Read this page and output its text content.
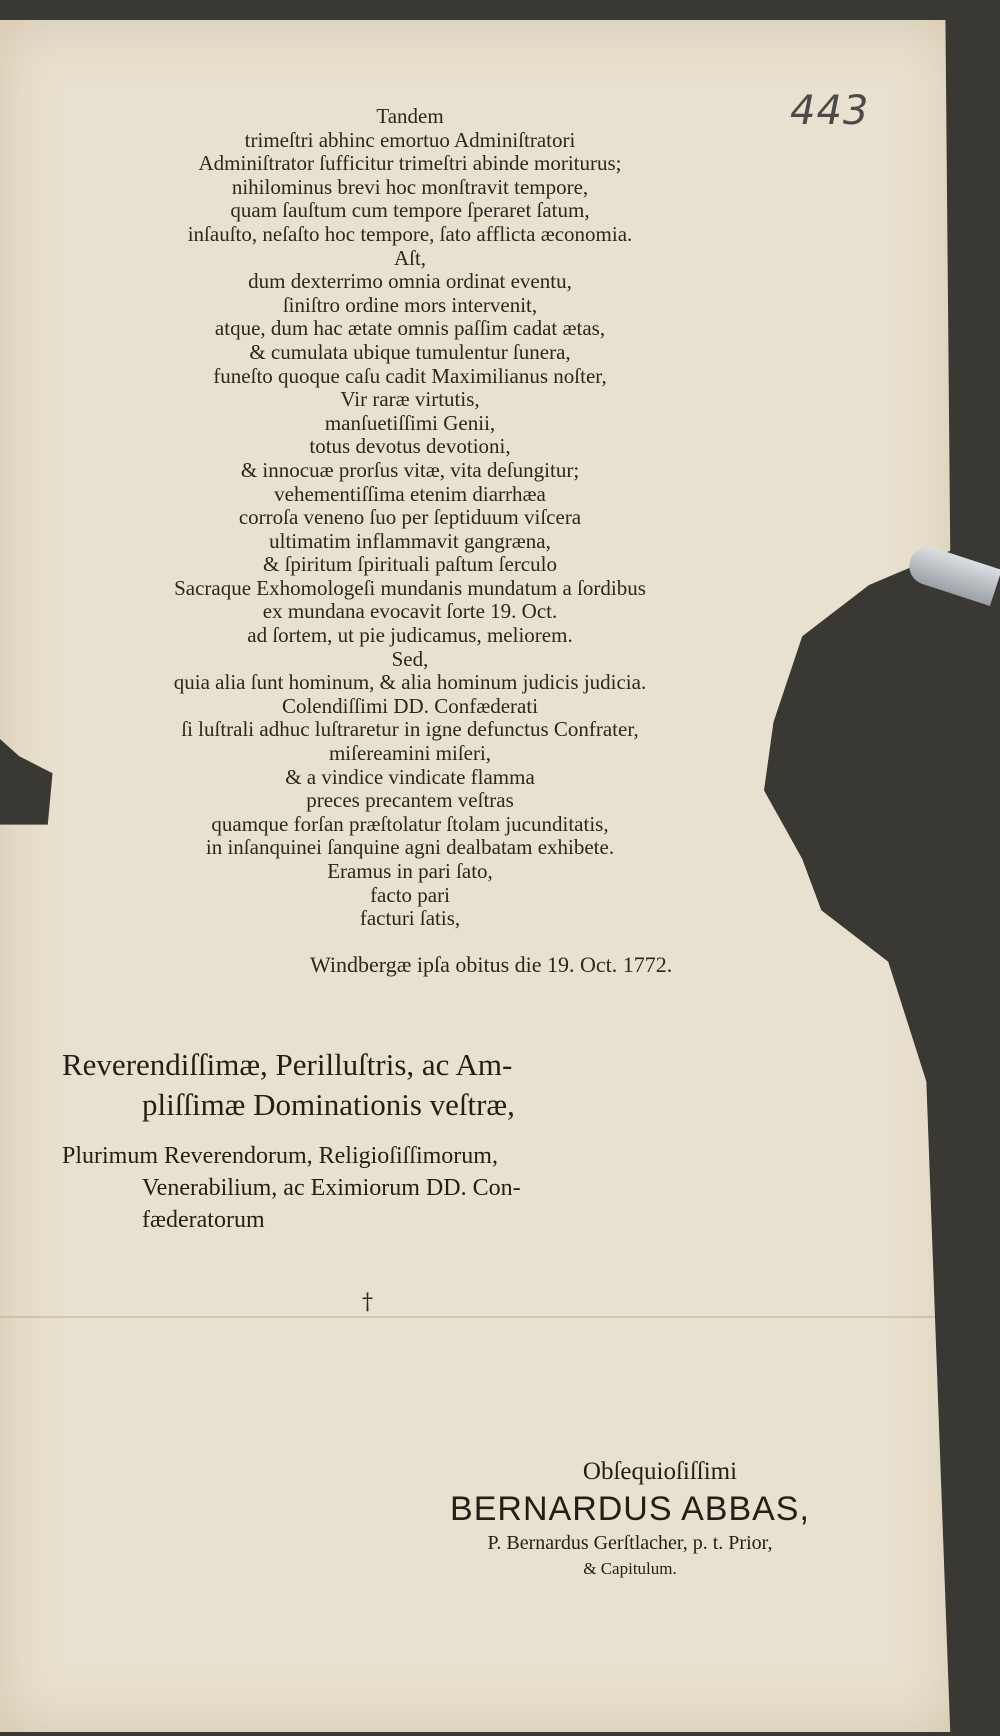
443
Tandem
trimeſtri abhinc emortuo Adminiſtratori
Adminiſtrator ſufficitur trimeſtri abinde moriturus;
nihilominus brevi hoc monſtravit tempore,
quam ſauſtum cum tempore ſperaret ſatum,
inſauſto, neſaſto hoc tempore, ſato afflicta æconomia.
Aſt,
dum dexterrimo omnia ordinat eventu,
ſiniſtro ordine mors intervenit,
atque, dum hac ætate omnis paſſim cadat ætas,
& cumulata ubique tumulentur ſunera,
funeſto quoque caſu cadit Maximilianus noſter,
Vir raræ virtutis,
manſuetiſſimi Genii,
totus devotus devotioni,
& innocuæ prorſus vitæ, vita deſungitur;
vehementiſſima etenim diarrhæa
corroſa veneno ſuo per ſeptiduum viſcera
ultimatim inflammavit gangræna,
& ſpiritum ſpirituali paſtum ſerculo
Sacraque Exhomologeſi mundanis mundatum a ſordibus
ex mundana evocavit ſorte 19. Oct.
ad ſortem, ut pie judicamus, meliorem.
Sed,
quia alia ſunt hominum, & alia hominum judicis judicia.
Colendiſſimi DD. Confæderati
ſi luſtrali adhuc luſtraretur in igne defunctus Confrater,
miſereamini miſeri,
& a vindice vindicate flamma
preces precantem veſtras
quamque forſan præſtolatur ſtolam jucunditatis,
in inſanquinei ſanquine agni dealbatam exhibete.
Eramus in pari ſato,
facto pari
facturi ſatis,
Windbergæ ipſa obitus die 19. Oct. 1772.
Reverendiſſimæ, Perilluſtris, ac Am-
pliſſimæ Dominationis veſtræ,
Plurimum Reverendorum, Religioſiſſimorum,
Venerabilium, ac Eximiorum DD. Con-
fæderatorum
†
Obſequioſiſſimi
BERNARDUS ABBAS,
P. Bernardus Gerſtlacher, p. t. Prior,
& Capitulum.
